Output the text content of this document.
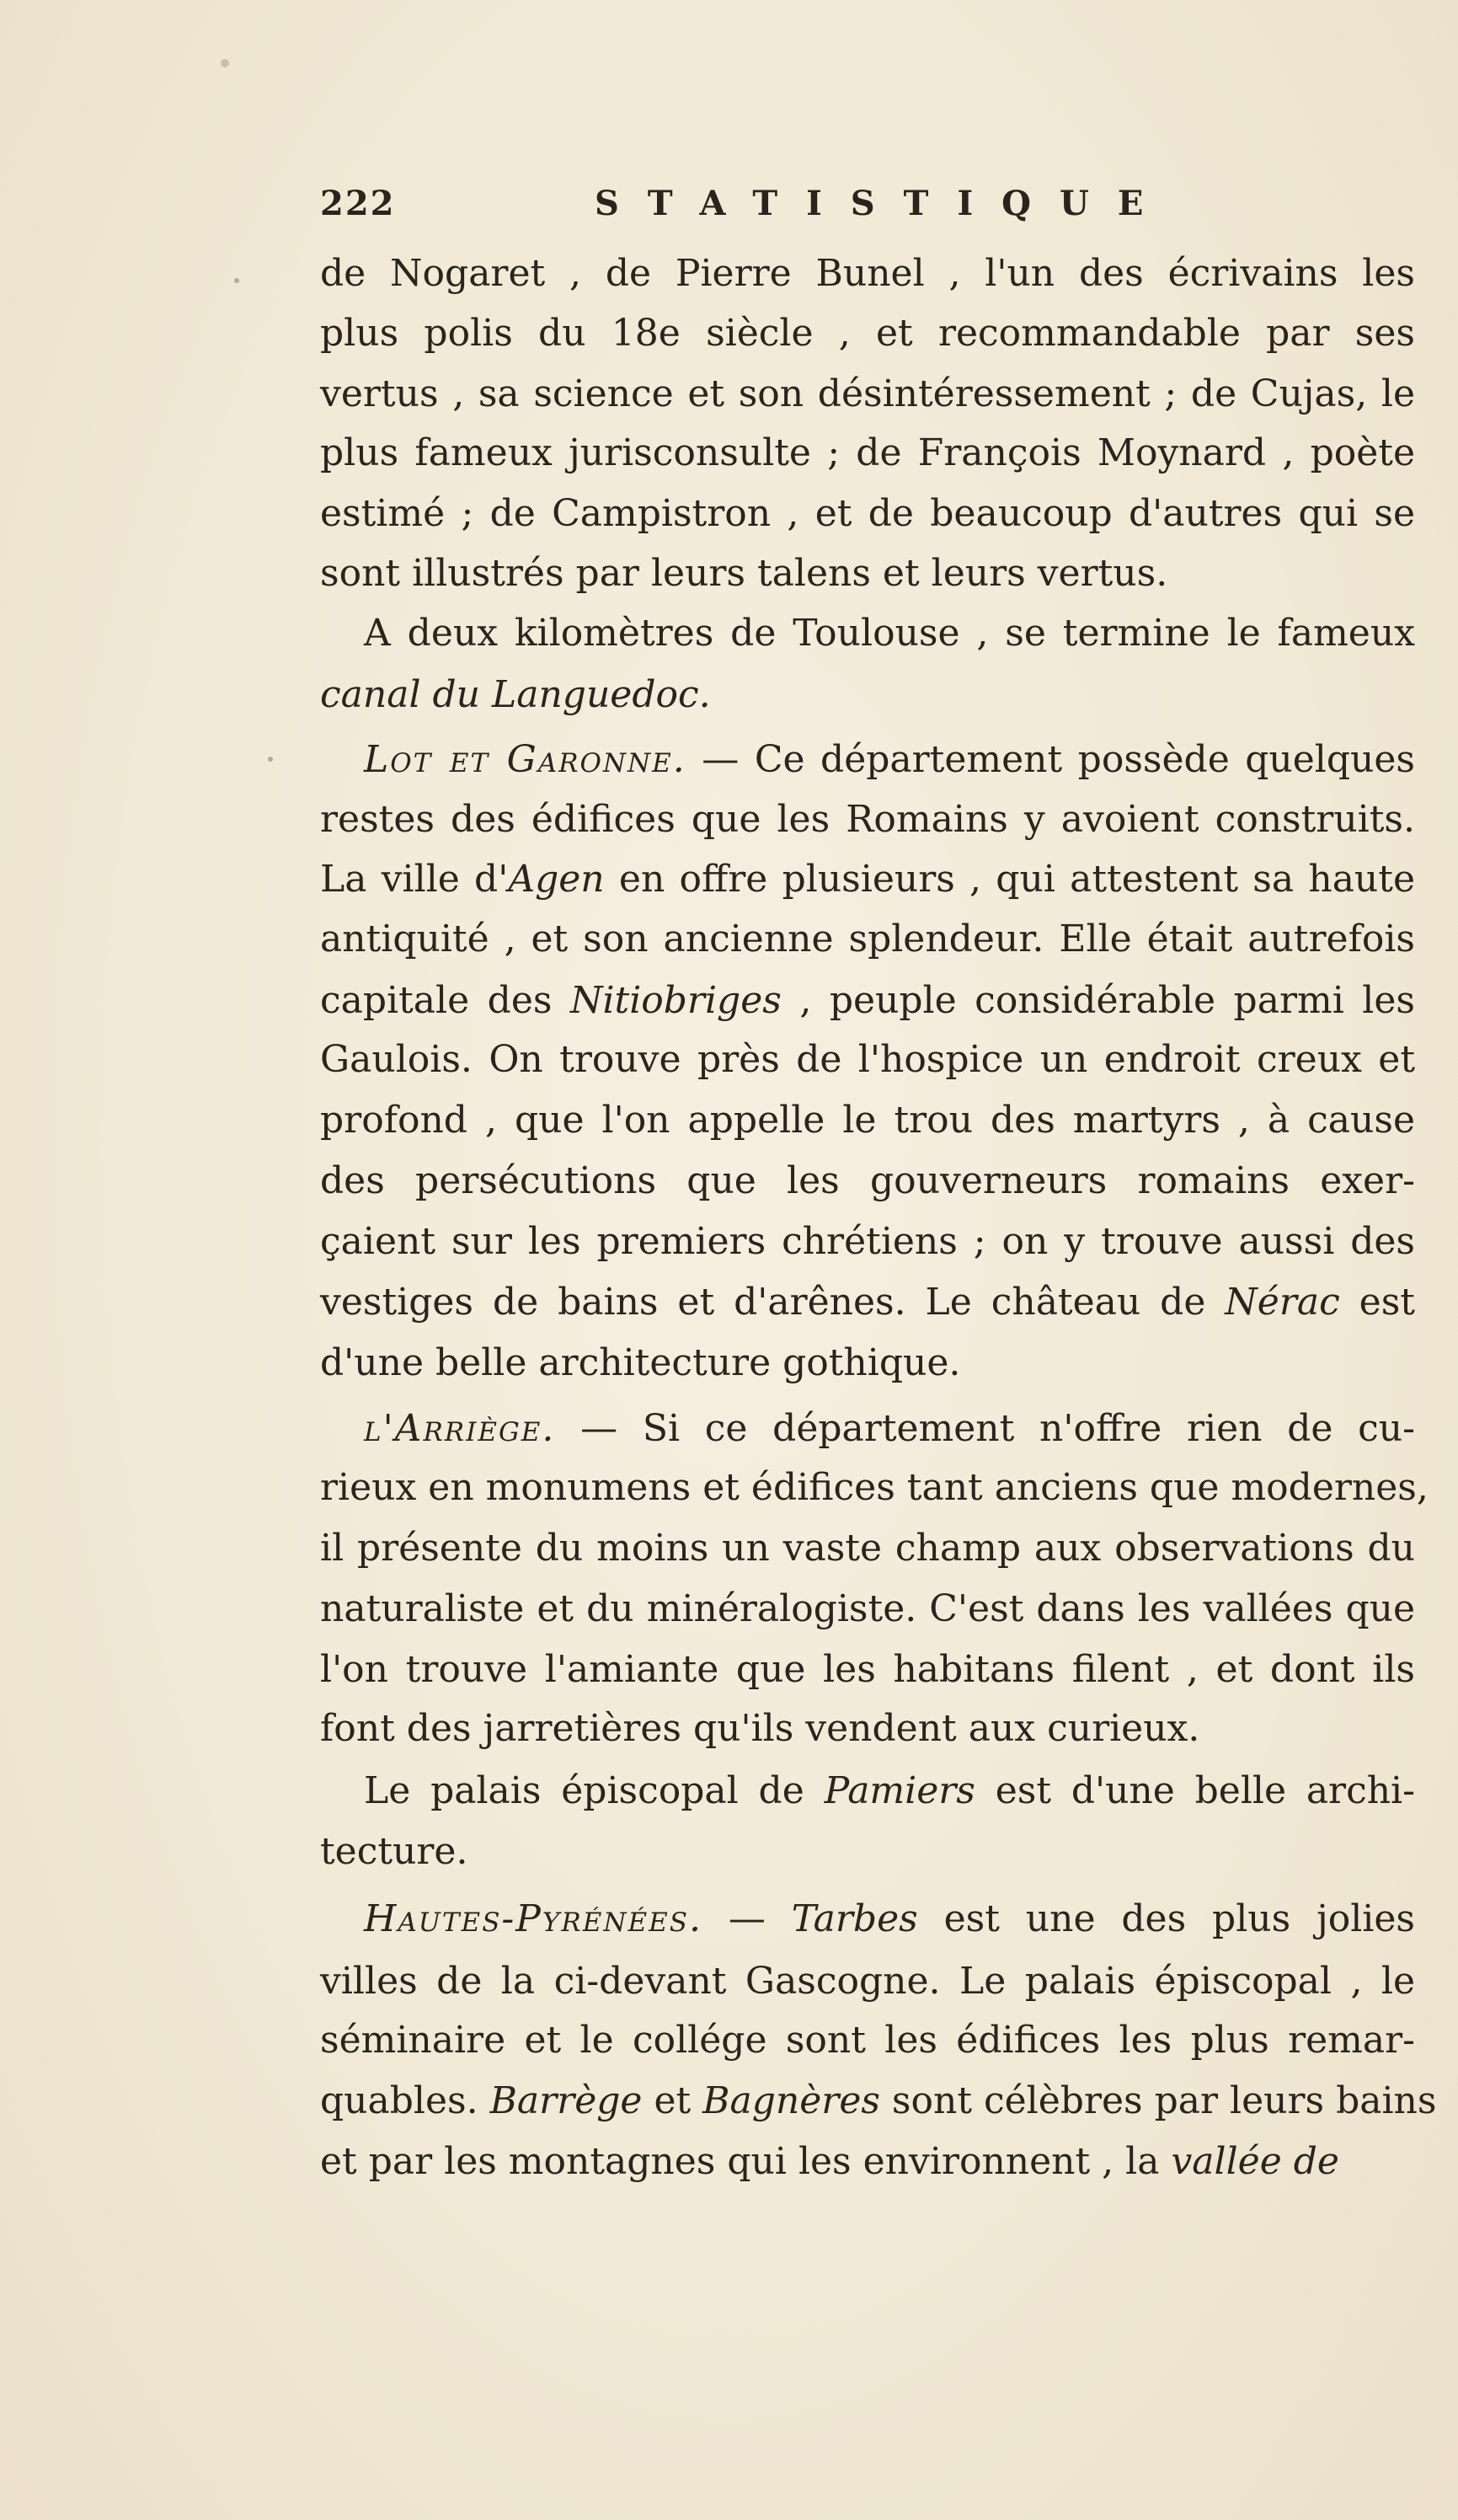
222	STATISTIQUE
de Nogaret , de Pierre Bunel , l'un des écrivains les
plus polis du 18e siècle , et recommandable par ses
vertus , sa science et son désintéressement ; de Cujas, le
plus fameux jurisconsulte ; de François Moynard , poète
estimé ; de Campistron , et de beaucoup d'autres qui se
sont illustrés par leurs talens et leurs vertus.
A deux kilomètres de Toulouse , se termine le fameux
canal du Languedoc.
Lot et Garonne. — Ce département possède quelques
restes des édifices que les Romains y avoient construits.
La ville d'Agen en offre plusieurs , qui attestent sa haute
antiquité , et son ancienne splendeur. Elle était autrefois
capitale des Nitiobriges , peuple considérable parmi les
Gaulois. On trouve près de l'hospice un endroit creux et
profond , que l'on appelle le trou des martyrs , à cause
des persécutions que les gouverneurs romains exer-
çaient sur les premiers chrétiens ; on y trouve aussi des
vestiges de bains et d'arênes. Le château de Nérac est
d'une belle architecture gothique.
l'Arriège. — Si ce département n'offre rien de cu-
rieux en monumens et édifices tant anciens que modernes,
il présente du moins un vaste champ aux observations du
naturaliste et du minéralogiste. C'est dans les vallées que
l'on trouve l'amiante que les habitans filent , et dont ils
font des jarretières qu'ils vendent aux curieux.
Le palais épiscopal de Pamiers est d'une belle archi-
tecture.
Hautes-Pyrénées. — Tarbes est une des plus jolies
villes de la ci-devant Gascogne. Le palais épiscopal , le
séminaire et le collége sont les édifices les plus remar-
quables. Barrège et Bagnères sont célèbres par leurs bains
et par les montagnes qui les environnent , la vallée de
